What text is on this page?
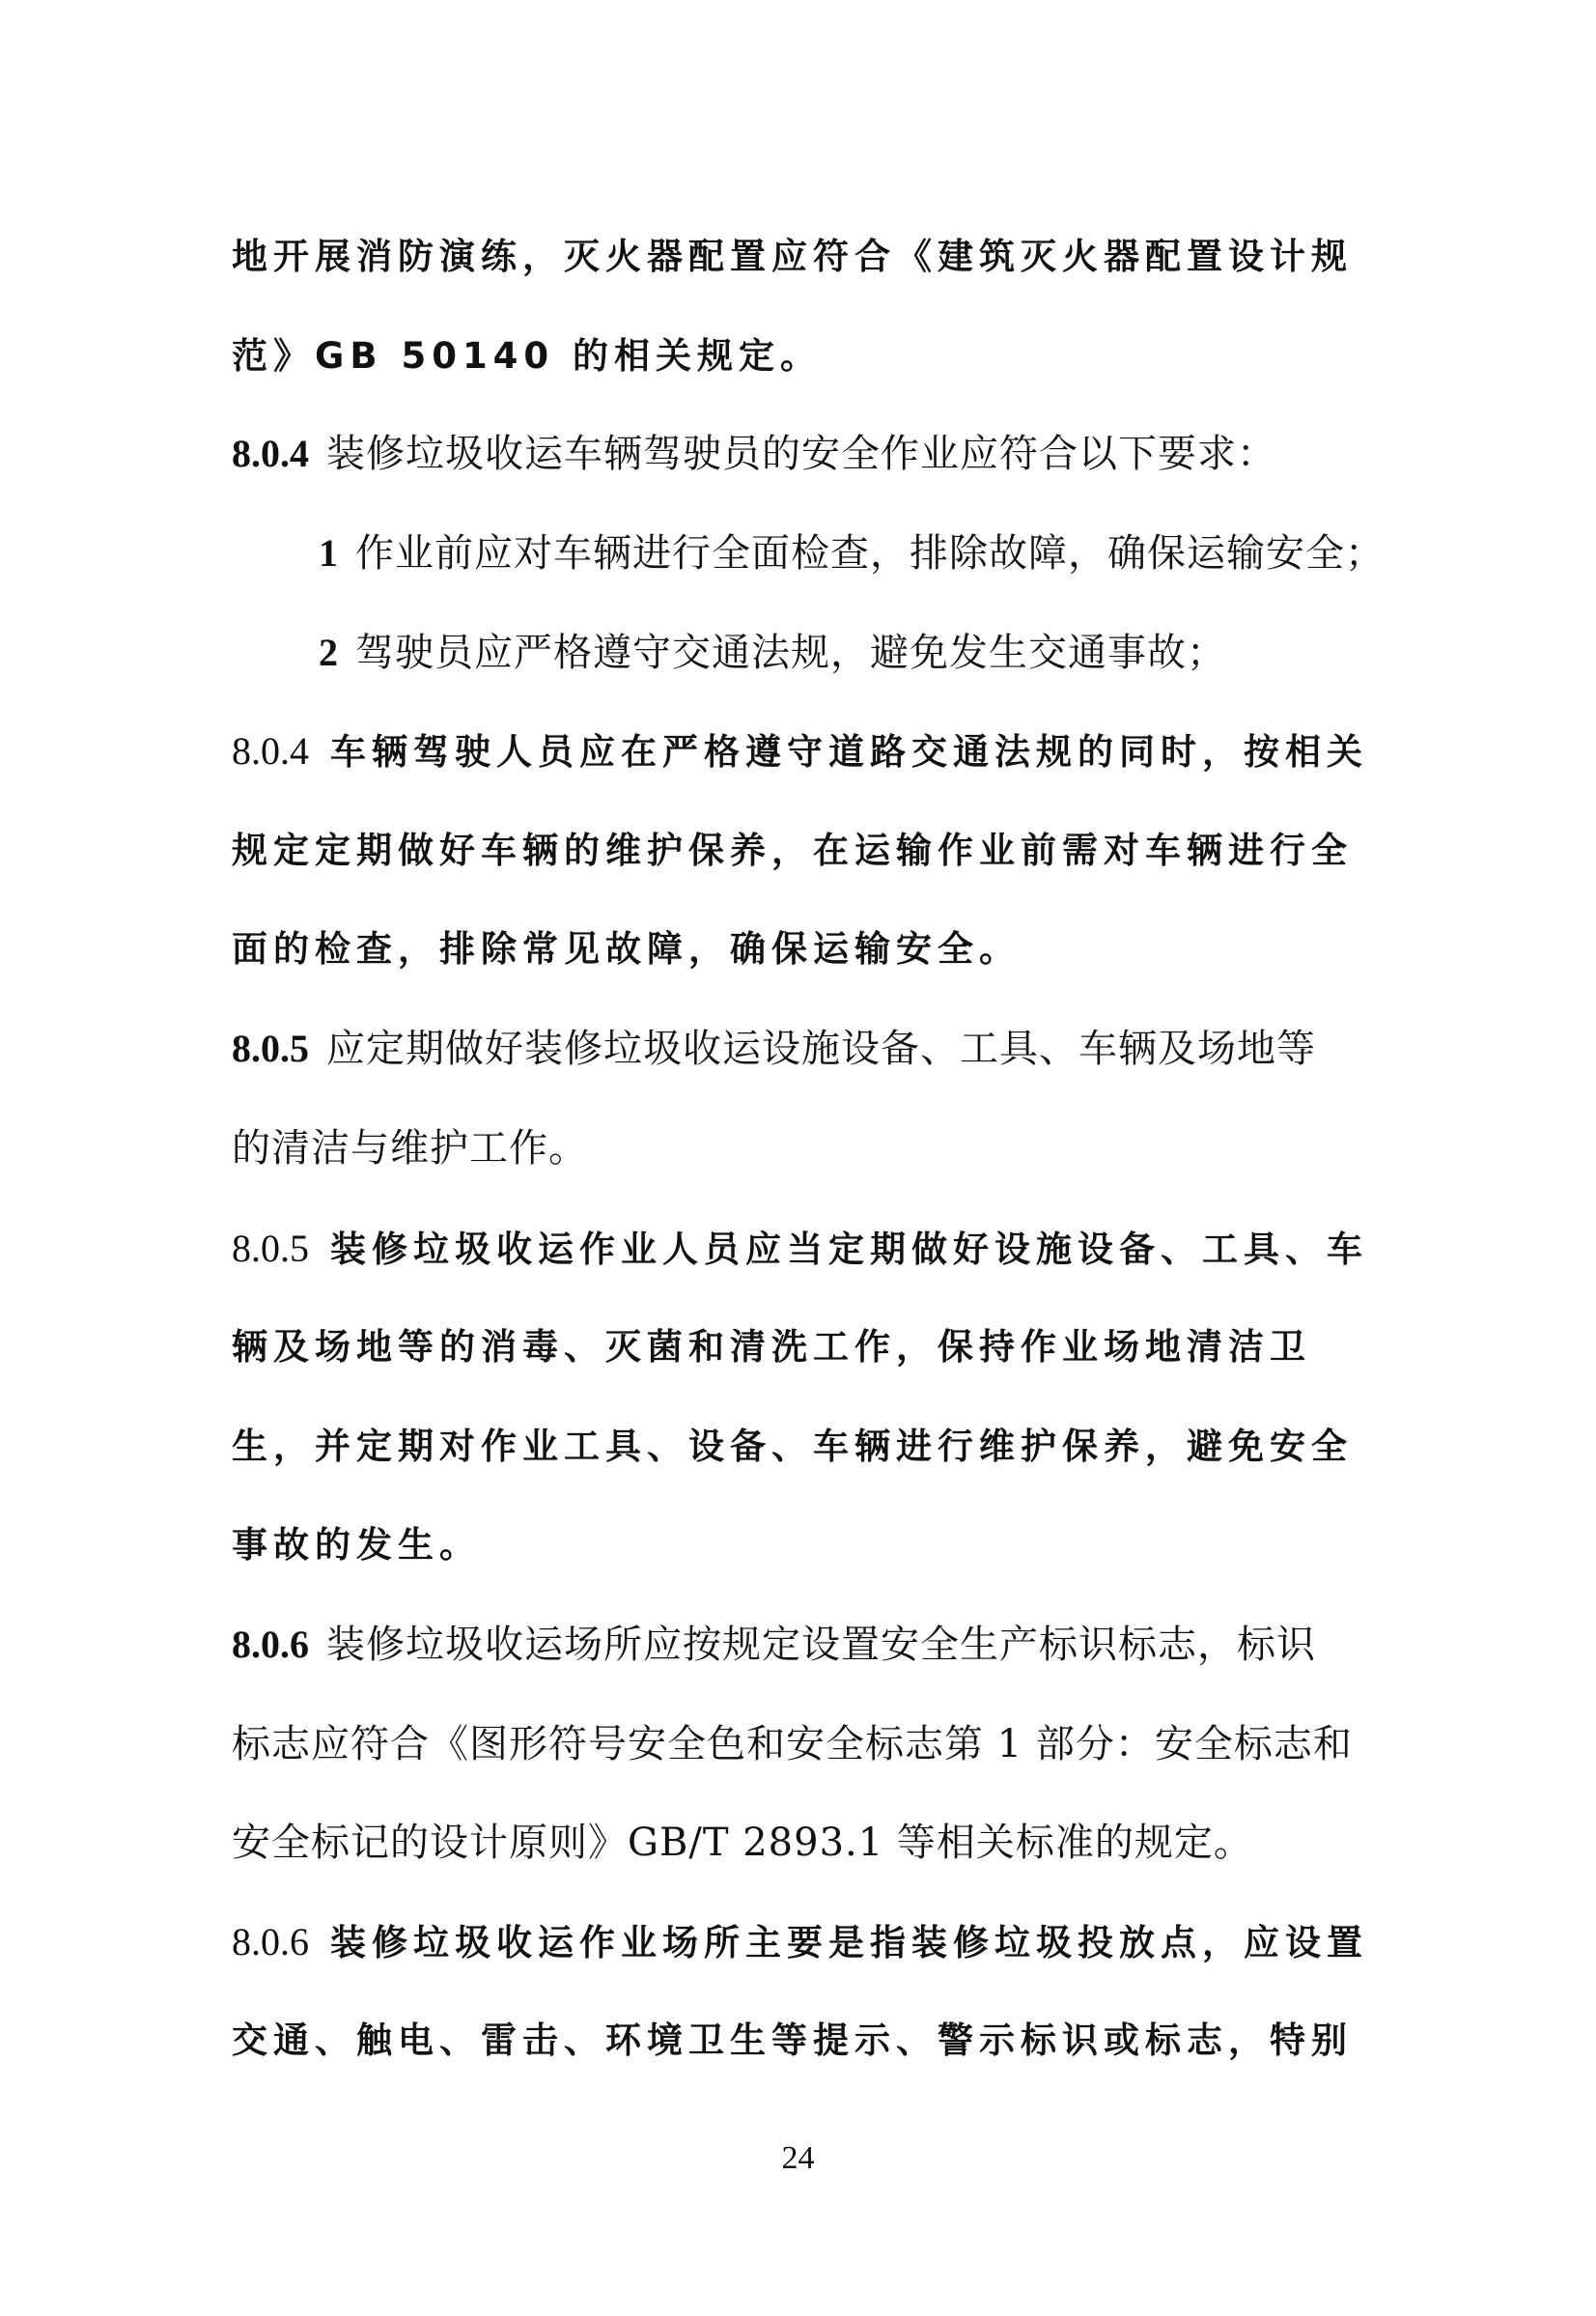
地开展消防演练，灭火器配置应符合《建筑灭火器配置设计规
范》GB 50140 的相关规定。
8.0.4 装修垃圾收运车辆驾驶员的安全作业应符合以下要求：
1 作业前应对车辆进行全面检查，排除故障，确保运输安全；
2 驾驶员应严格遵守交通法规，避免发生交通事故；
8.0.4 车辆驾驶人员应在严格遵守道路交通法规的同时，按相关
规定定期做好车辆的维护保养，在运输作业前需对车辆进行全
面的检查，排除常见故障，确保运输安全。
8.0.5 应定期做好装修垃圾收运设施设备、工具、车辆及场地等
的清洁与维护工作。
8.0.5 装修垃圾收运作业人员应当定期做好设施设备、工具、车
辆及场地等的消毒、灭菌和清洗工作，保持作业场地清洁卫
生，并定期对作业工具、设备、车辆进行维护保养，避免安全
事故的发生。
8.0.6 装修垃圾收运场所应按规定设置安全生产标识标志，标识
标志应符合《图形符号安全色和安全标志第 1 部分：安全标志和
安全标记的设计原则》GB/T 2893.1 等相关标准的规定。
8.0.6 装修垃圾收运作业场所主要是指装修垃圾投放点，应设置
交通、触电、雷击、环境卫生等提示、警示标识或标志，特别
24
